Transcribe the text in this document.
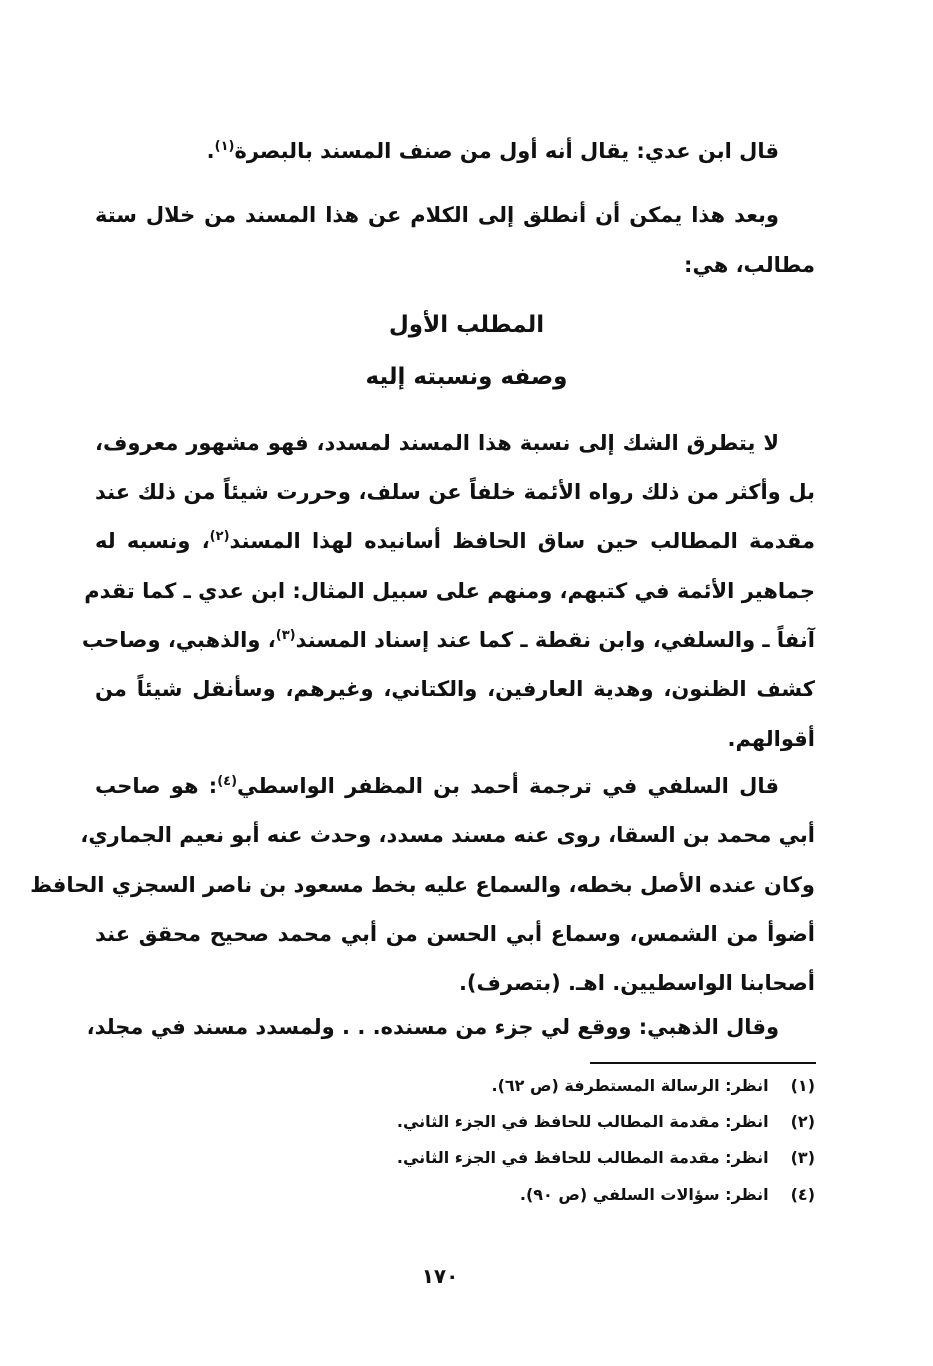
قال ابن عدي: يقال أنه أول من صنف المسند بالبصرة$^{(١)}$.
وبعد هذا يمكن أن أنطلق إلى الكلام عن هذا المسند من خلال ستة
مطالب، هي:
المطلب الأول
وصفه ونسبته إليه
١٧٠
لا يتطرق الشك إلى نسبة هذا المسند لمسدد، فهو مشهور معروف،
بل وأكثر من ذلك رواه الأئمة خلفاً عن سلف، وحررت شيئاً من ذلك عند
مقدمة المطالب حين ساق الحافظ أسانيده لهذا المسند$^{(٢)}$، ونسبه له
جماهير الأئمة في كتبهم، ومنهم على سبيل المثال: ابن عدي ـ كما تقدم
آنفاً ـ والسلفي، وابن نقطة ـ كما عند إسناد المسند$^{(٣)}$، والذهبي، وصاحب
كشف الظنون، وهدية العارفين، والكتاني، وغيرهم، وسأنقل شيئاً من
أقوالهم.
قال السلفي في ترجمة أحمد بن المظفر الواسطي$^{(٤)}$: هو صاحب
أبي محمد بن السقا، روى عنه مسند مسدد، وحدث عنه أبو نعيم الجماري،
وكان عنده الأصل بخطه، والسماع عليه بخط مسعود بن ناصر السجزي الحافظ
أضوأ من الشمس، وسماع أبي الحسن من أبي محمد صحيح محقق عند
أصحابنا الواسطيين. اهـ. (بتصرف).
وقال الذهبي: ووقع لي جزء من مسنده. . . ولمسدد مسند في مجلد،
(١)انظر: الرسالة المستطرفة (ص ٦٢).
(٢)انظر: مقدمة المطالب للحافظ في الجزء الثاني.
(٣)انظر: مقدمة المطالب للحافظ في الجزء الثاني.
(٤)انظر: سؤالات السلفي (ص ٩٠).
